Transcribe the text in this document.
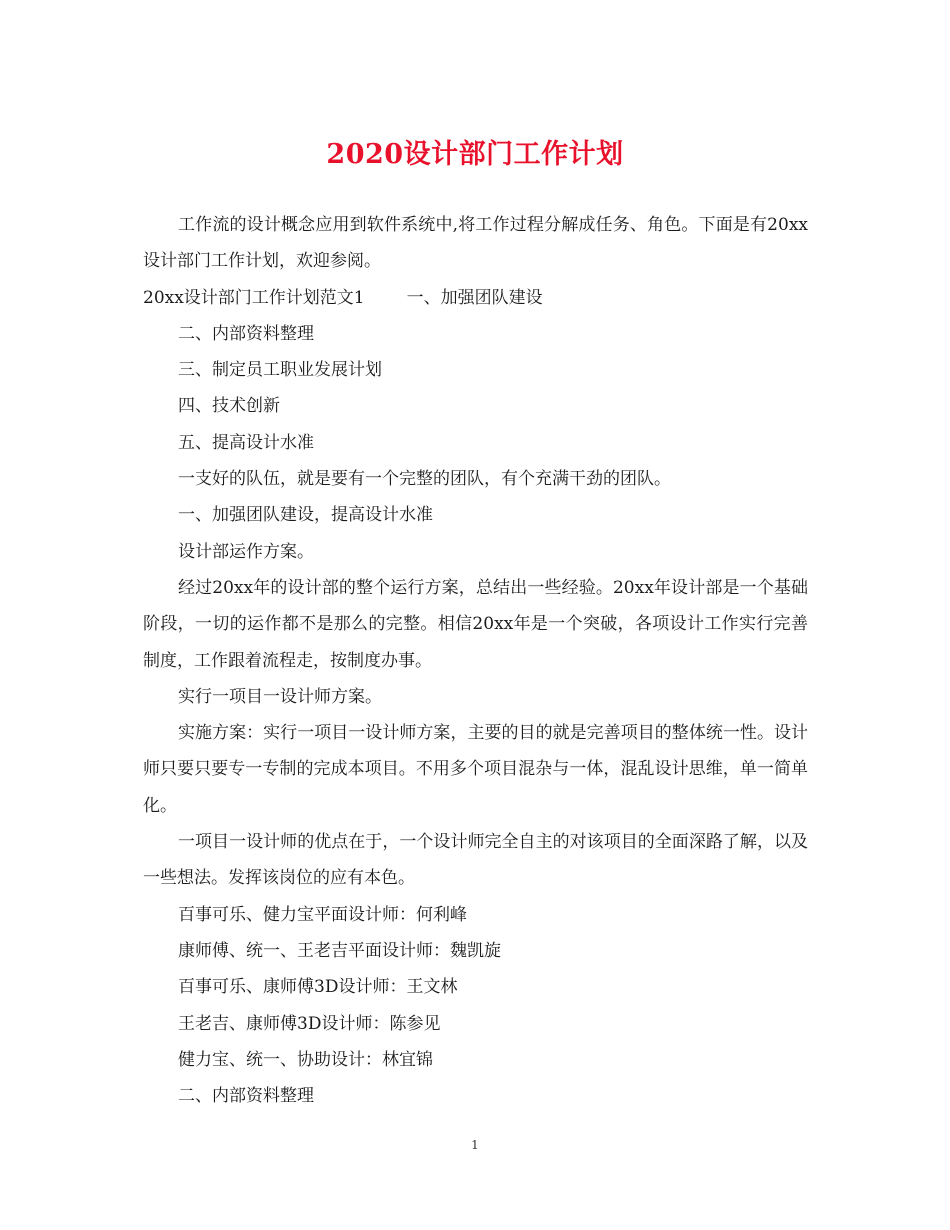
2020设计部门工作计划

工作流的设计概念应用到软件系统中,将工作过程分解成任务、角色。下面是有20xx设计部门工作计划，欢迎参阅。

20xx设计部门工作计划范文1 一、加强团队建设

二、内部资料整理

三、制定员工职业发展计划

四、技术创新

五、提高设计水准

一支好的队伍，就是要有一个完整的团队，有个充满干劲的团队。

一、加强团队建设，提高设计水准

设计部运作方案。

经过20xx年的设计部的整个运行方案，总结出一些经验。20xx年设计部是一个基础阶段，一切的运作都不是那么的完整。相信20xx年是一个突破，各项设计工作实行完善制度，工作跟着流程走，按制度办事。

实行一项目一设计师方案。

实施方案：实行一项目一设计师方案，主要的目的就是完善项目的整体统一性。设计师只要只要专一专制的完成本项目。不用多个项目混杂与一体，混乱设计思维，单一简单化。

一项目一设计师的优点在于，一个设计师完全自主的对该项目的全面深路了解，以及一些想法。发挥该岗位的应有本色。

百事可乐、健力宝平面设计师：何利峰

康师傅、统一、王老吉平面设计师：魏凯旋

百事可乐、康师傅3D设计师：王文林

王老吉、康师傅3D设计师：陈参见

健力宝、统一、协助设计：林宜锦

二、内部资料整理

1
